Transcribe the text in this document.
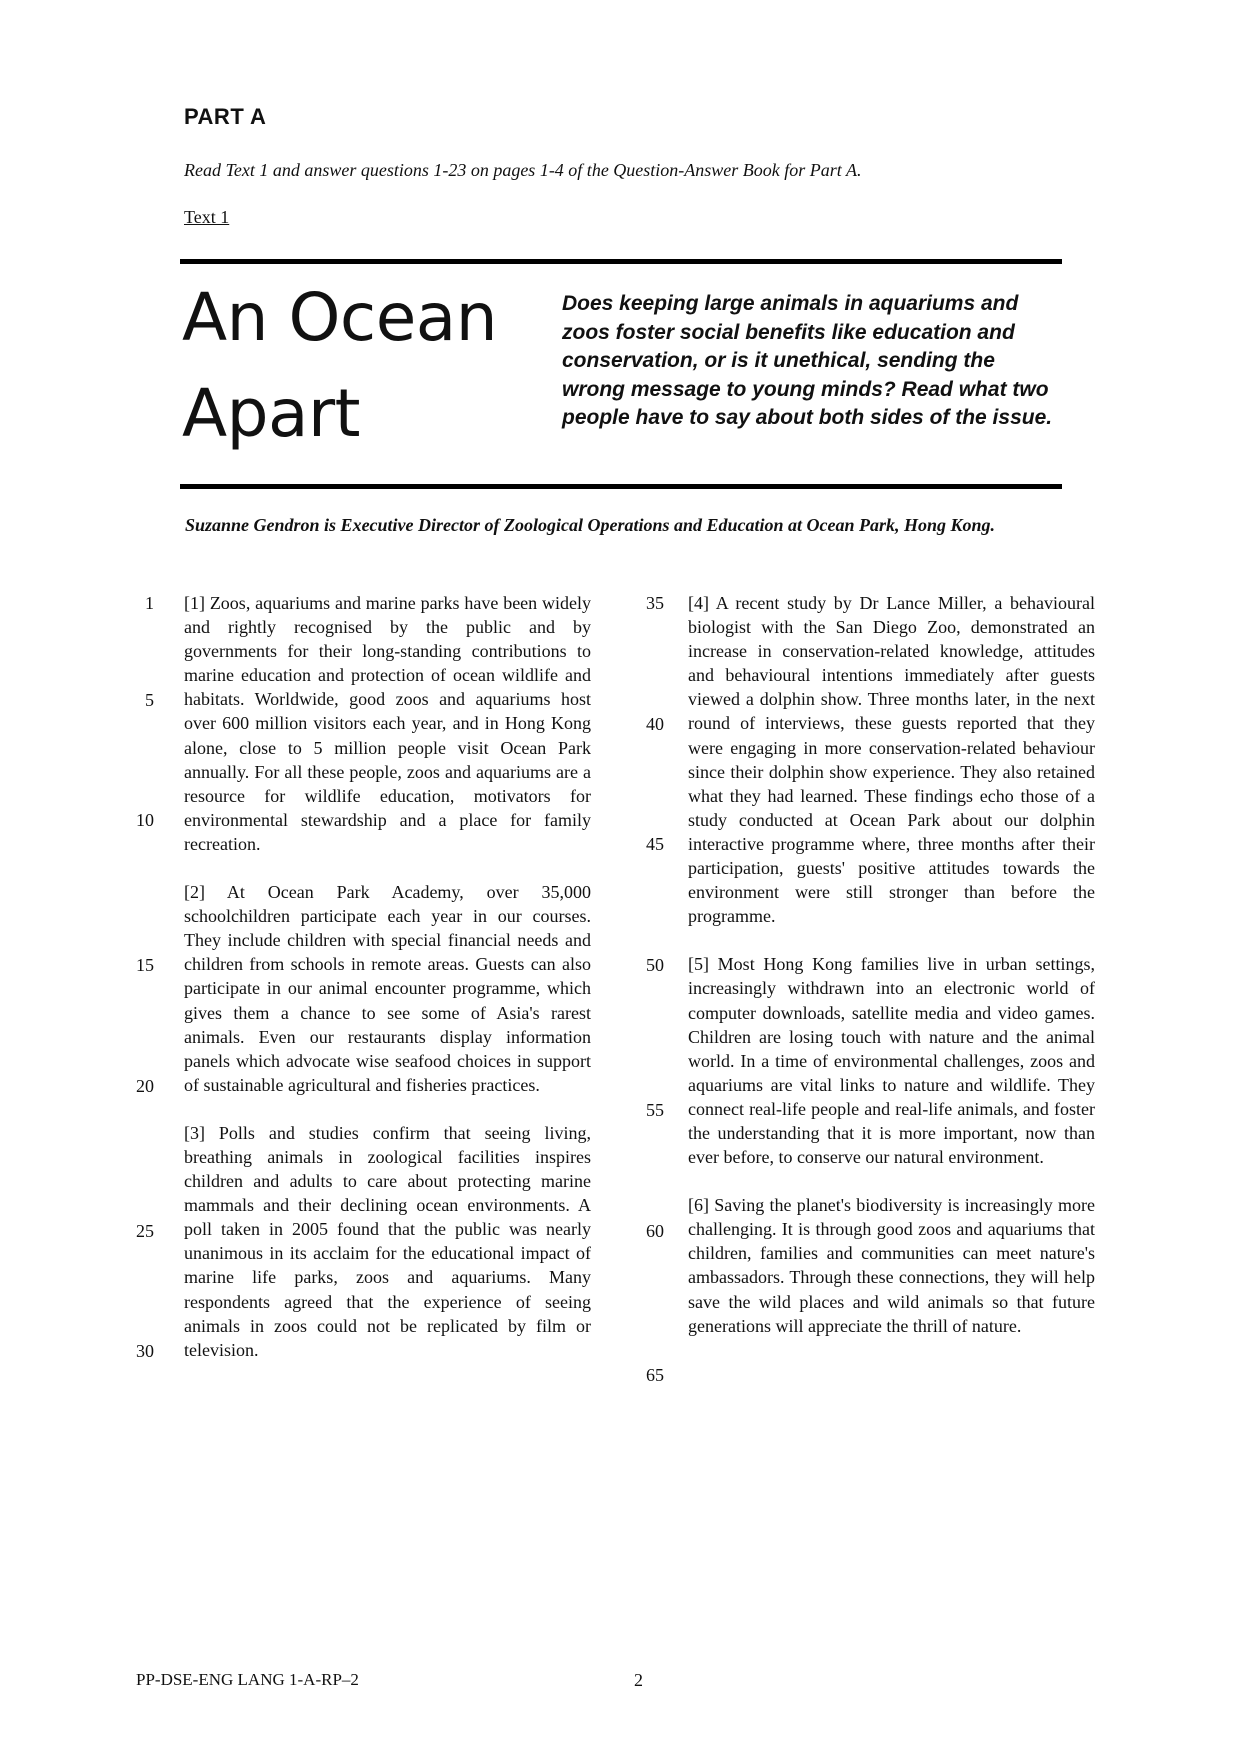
PART A
Read Text 1 and answer questions 1-23 on pages 1-4 of the Question-Answer Book for Part A.
Text 1
An Ocean
Apart
Does keeping large animals in aquariums and zoos foster social benefits like education and conservation, or is it unethical, sending the wrong message to young minds? Read what two people have to say about both sides of the issue.
Suzanne Gendron is Executive Director of Zoological Operations and Education at Ocean Park, Hong Kong.
1
5
10
15
20
25
30

[1] Zoos, aquariums and marine parks have been widely and rightly recognised by the public and by governments for their long-standing contributions to marine education and protection of ocean wildlife and habitats. Worldwide, good zoos and aquariums host over 600 million visitors each year, and in Hong Kong alone, close to 5 million people visit Ocean Park annually. For all these people, zoos and aquariums are a resource for wildlife education, motivators for environmental stewardship and a place for family recreation.

[2] At Ocean Park Academy, over 35,000 schoolchildren participate each year in our courses. They include children with special financial needs and children from schools in remote areas. Guests can also participate in our animal encounter programme, which gives them a chance to see some of Asia's rarest animals. Even our restaurants display information panels which advocate wise seafood choices in support of sustainable agricultural and fisheries practices.

[3] Polls and studies confirm that seeing living, breathing animals in zoological facilities inspires children and adults to care about protecting marine mammals and their declining ocean environments. A poll taken in 2005 found that the public was nearly unanimous in its acclaim for the educational impact of marine life parks, zoos and aquariums. Many respondents agreed that the experience of seeing animals in zoos could not be replicated by film or television.

35
40
45
50
55
60
65

[4] A recent study by Dr Lance Miller, a behavioural biologist with the San Diego Zoo, demonstrated an increase in conservation-related knowledge, attitudes and behavioural intentions immediately after guests viewed a dolphin show. Three months later, in the next round of interviews, these guests reported that they were engaging in more conservation-related behaviour since their dolphin show experience. They also retained what they had learned. These findings echo those of a study conducted at Ocean Park about our dolphin interactive programme where, three months after their participation, guests' positive attitudes towards the environment were still stronger than before the programme.

[5] Most Hong Kong families live in urban settings, increasingly withdrawn into an electronic world of computer downloads, satellite media and video games. Children are losing touch with nature and the animal world. In a time of environmental challenges, zoos and aquariums are vital links to nature and wildlife. They connect real-life people and real-life animals, and foster the understanding that it is more important, now than ever before, to conserve our natural environment.

[6] Saving the planet's biodiversity is increasingly more challenging. It is through good zoos and aquariums that children, families and communities can meet nature's ambassadors. Through these connections, they will help save the wild places and wild animals so that future generations will appreciate the thrill of nature.

PP-DSE-ENG LANG 1-A-RP–2	2
